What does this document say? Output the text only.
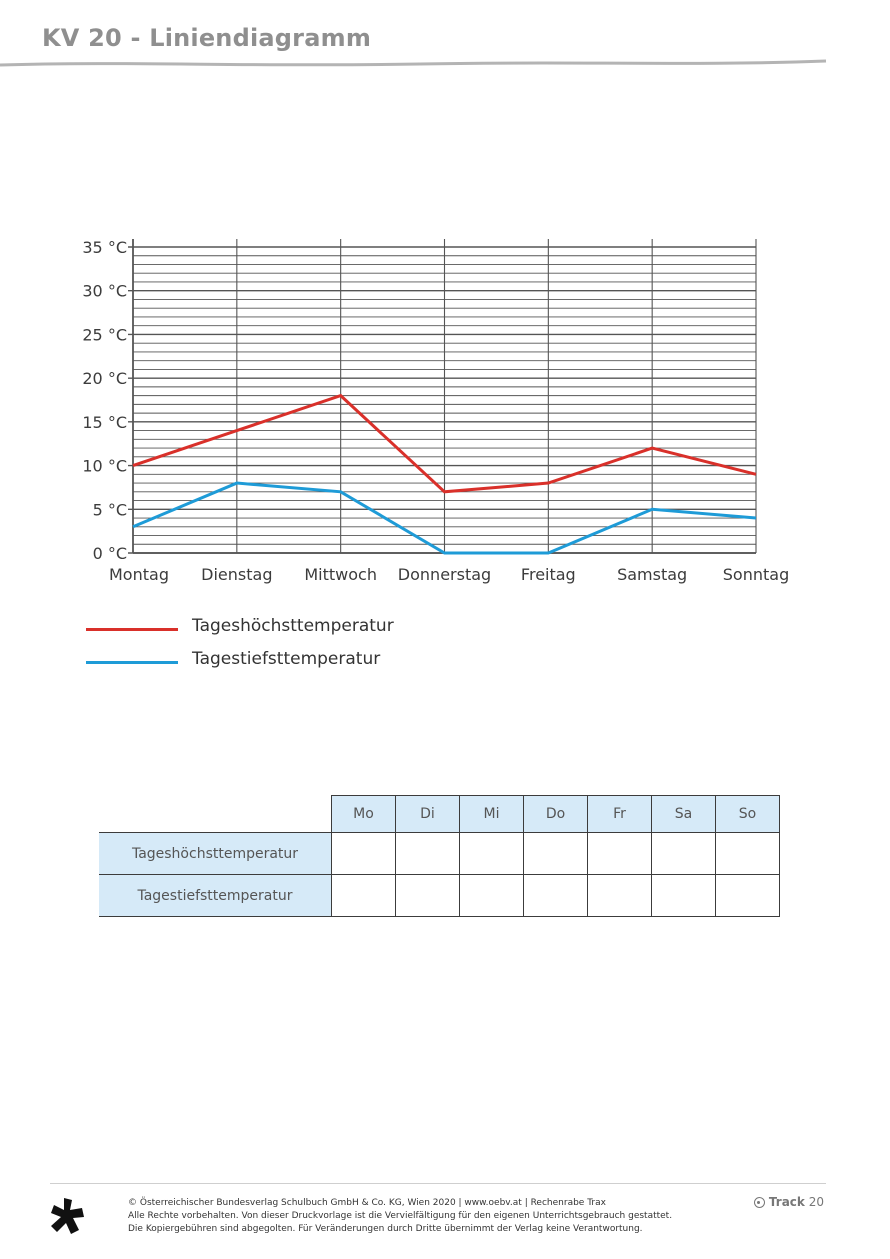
KV 20 - Liniendiagramm
0 °C
5 °C
10 °C
15 °C
20 °C
25 °C
30 °C
35 °C
Montag Dienstag Mittwoch Donnerstag Freitag	Samstag Sonntag
Tageshöchsttemperatur
Tagestiefsttemperatur
	Mo	Di	Mi	Do	Fr	Sa	So
Tageshöchsttemperatur							
Tagestiefsttemperatur							
© Österreichischer Bundesverlag Schulbuch GmbH & Co. KG, Wien 2020 | www.oebv.at | Rechenrabe Trax
Alle Rechte vorbehalten. Von dieser Druckvorlage ist die Vervielfältigung für den eigenen Unterrichtsgebrauch gestattet.
Die Kopiergebühren sind abgegolten. Für Veränderungen durch Dritte übernimmt der Verlag keine Verantwortung.
Track 20
